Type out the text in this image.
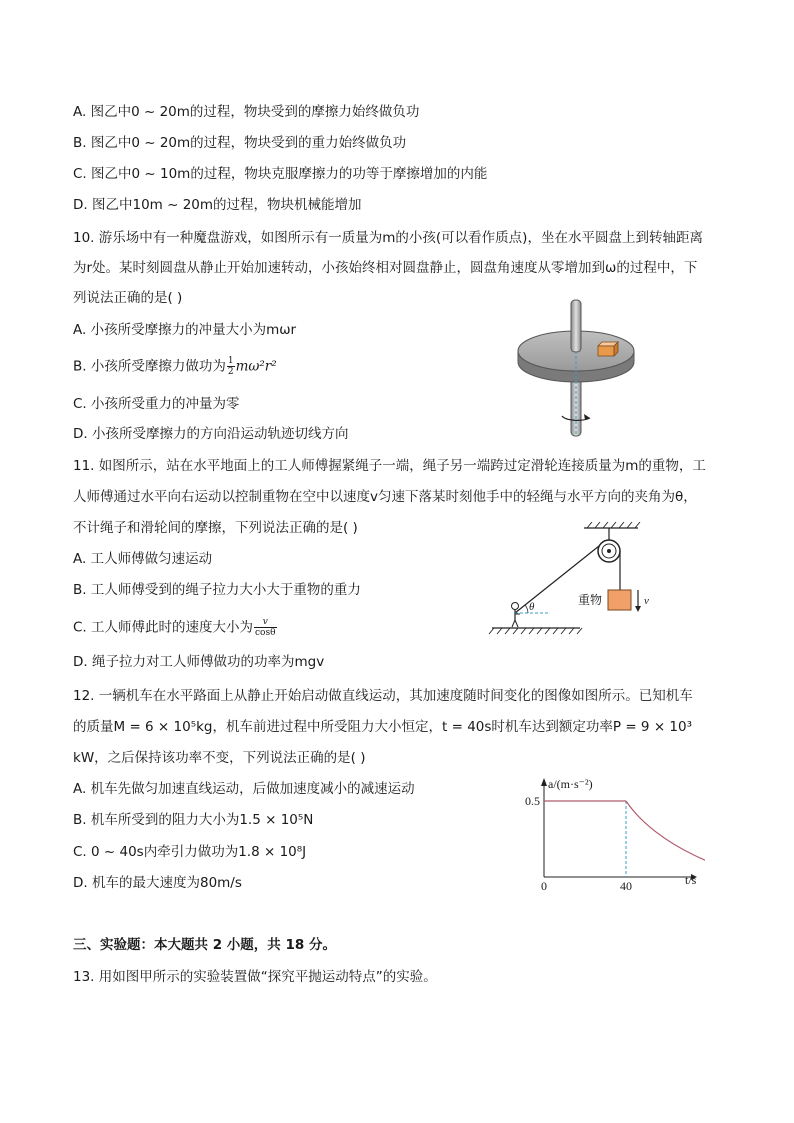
A. 图乙中0 ~ 20m的过程，物块受到的摩擦力始终做负功
B. 图乙中0 ~ 20m的过程，物块受到的重力始终做负功
C. 图乙中0 ~ 10m的过程，物块克服摩擦力的功等于摩擦增加的内能
D. 图乙中10m ~ 20m的过程，物块机械能增加
10. 游乐场中有一种魔盘游戏，如图所示有一质量为m的小孩(可以看作质点)，坐在水平圆盘上到转轴距离
为r处。某时刻圆盘从静止开始加速转动，小孩始终相对圆盘静止，圆盘角速度从零增加到ω的过程中，下
列说法正确的是( )
A. 小孩所受摩擦力的冲量大小为mωr
B. 小孩所受摩擦力做功为 $\frac{1}{2} m\omega^2r^2$
C. 小孩所受重力的冲量为零
D. 小孩所受摩擦力的方向沿运动轨迹切线方向
11. 如图所示，站在水平地面上的工人师傅握紧绳子一端，绳子另一端跨过定滑轮连接质量为m的重物，工
人师傅通过水平向右运动以控制重物在空中以速度v匀速下落某时刻他手中的轻绳与水平方向的夹角为θ，
不计绳子和滑轮间的摩擦，下列说法正确的是( )
A. 工人师傅做匀速运动
B. 工人师傅受到的绳子拉力大小大于重物的重力
C. 工人师傅此时的速度大小为 $\frac{v}{\cos\theta}$
D. 绳子拉力对工人师傅做功的功率为mgv
重物	v
θ
12. 一辆机车在水平路面上从静止开始启动做直线运动，其加速度随时间变化的图像如图所示。已知机车
的质量M = 6 × 10⁵kg，机车前进过程中所受阻力大小恒定，t = 40s时机车达到额定功率P = 9 × 10³
kW，之后保持该功率不变，下列说法正确的是( )
A. 机车先做匀加速直线运动，后做加速度减小的减速运动
B. 机车所受到的阻力大小为1.5 × 10⁵N
C. 0 ~ 40s内牵引力做功为1.8 × 10⁸J
D. 机车的最大速度为80m/s
a/(m·s⁻²)
t/s
0.5
40
0
三、实验题：本大题共 2 小题，共 18 分。
13. 用如图甲所示的实验装置做“探究平抛运动特点”的实验。
